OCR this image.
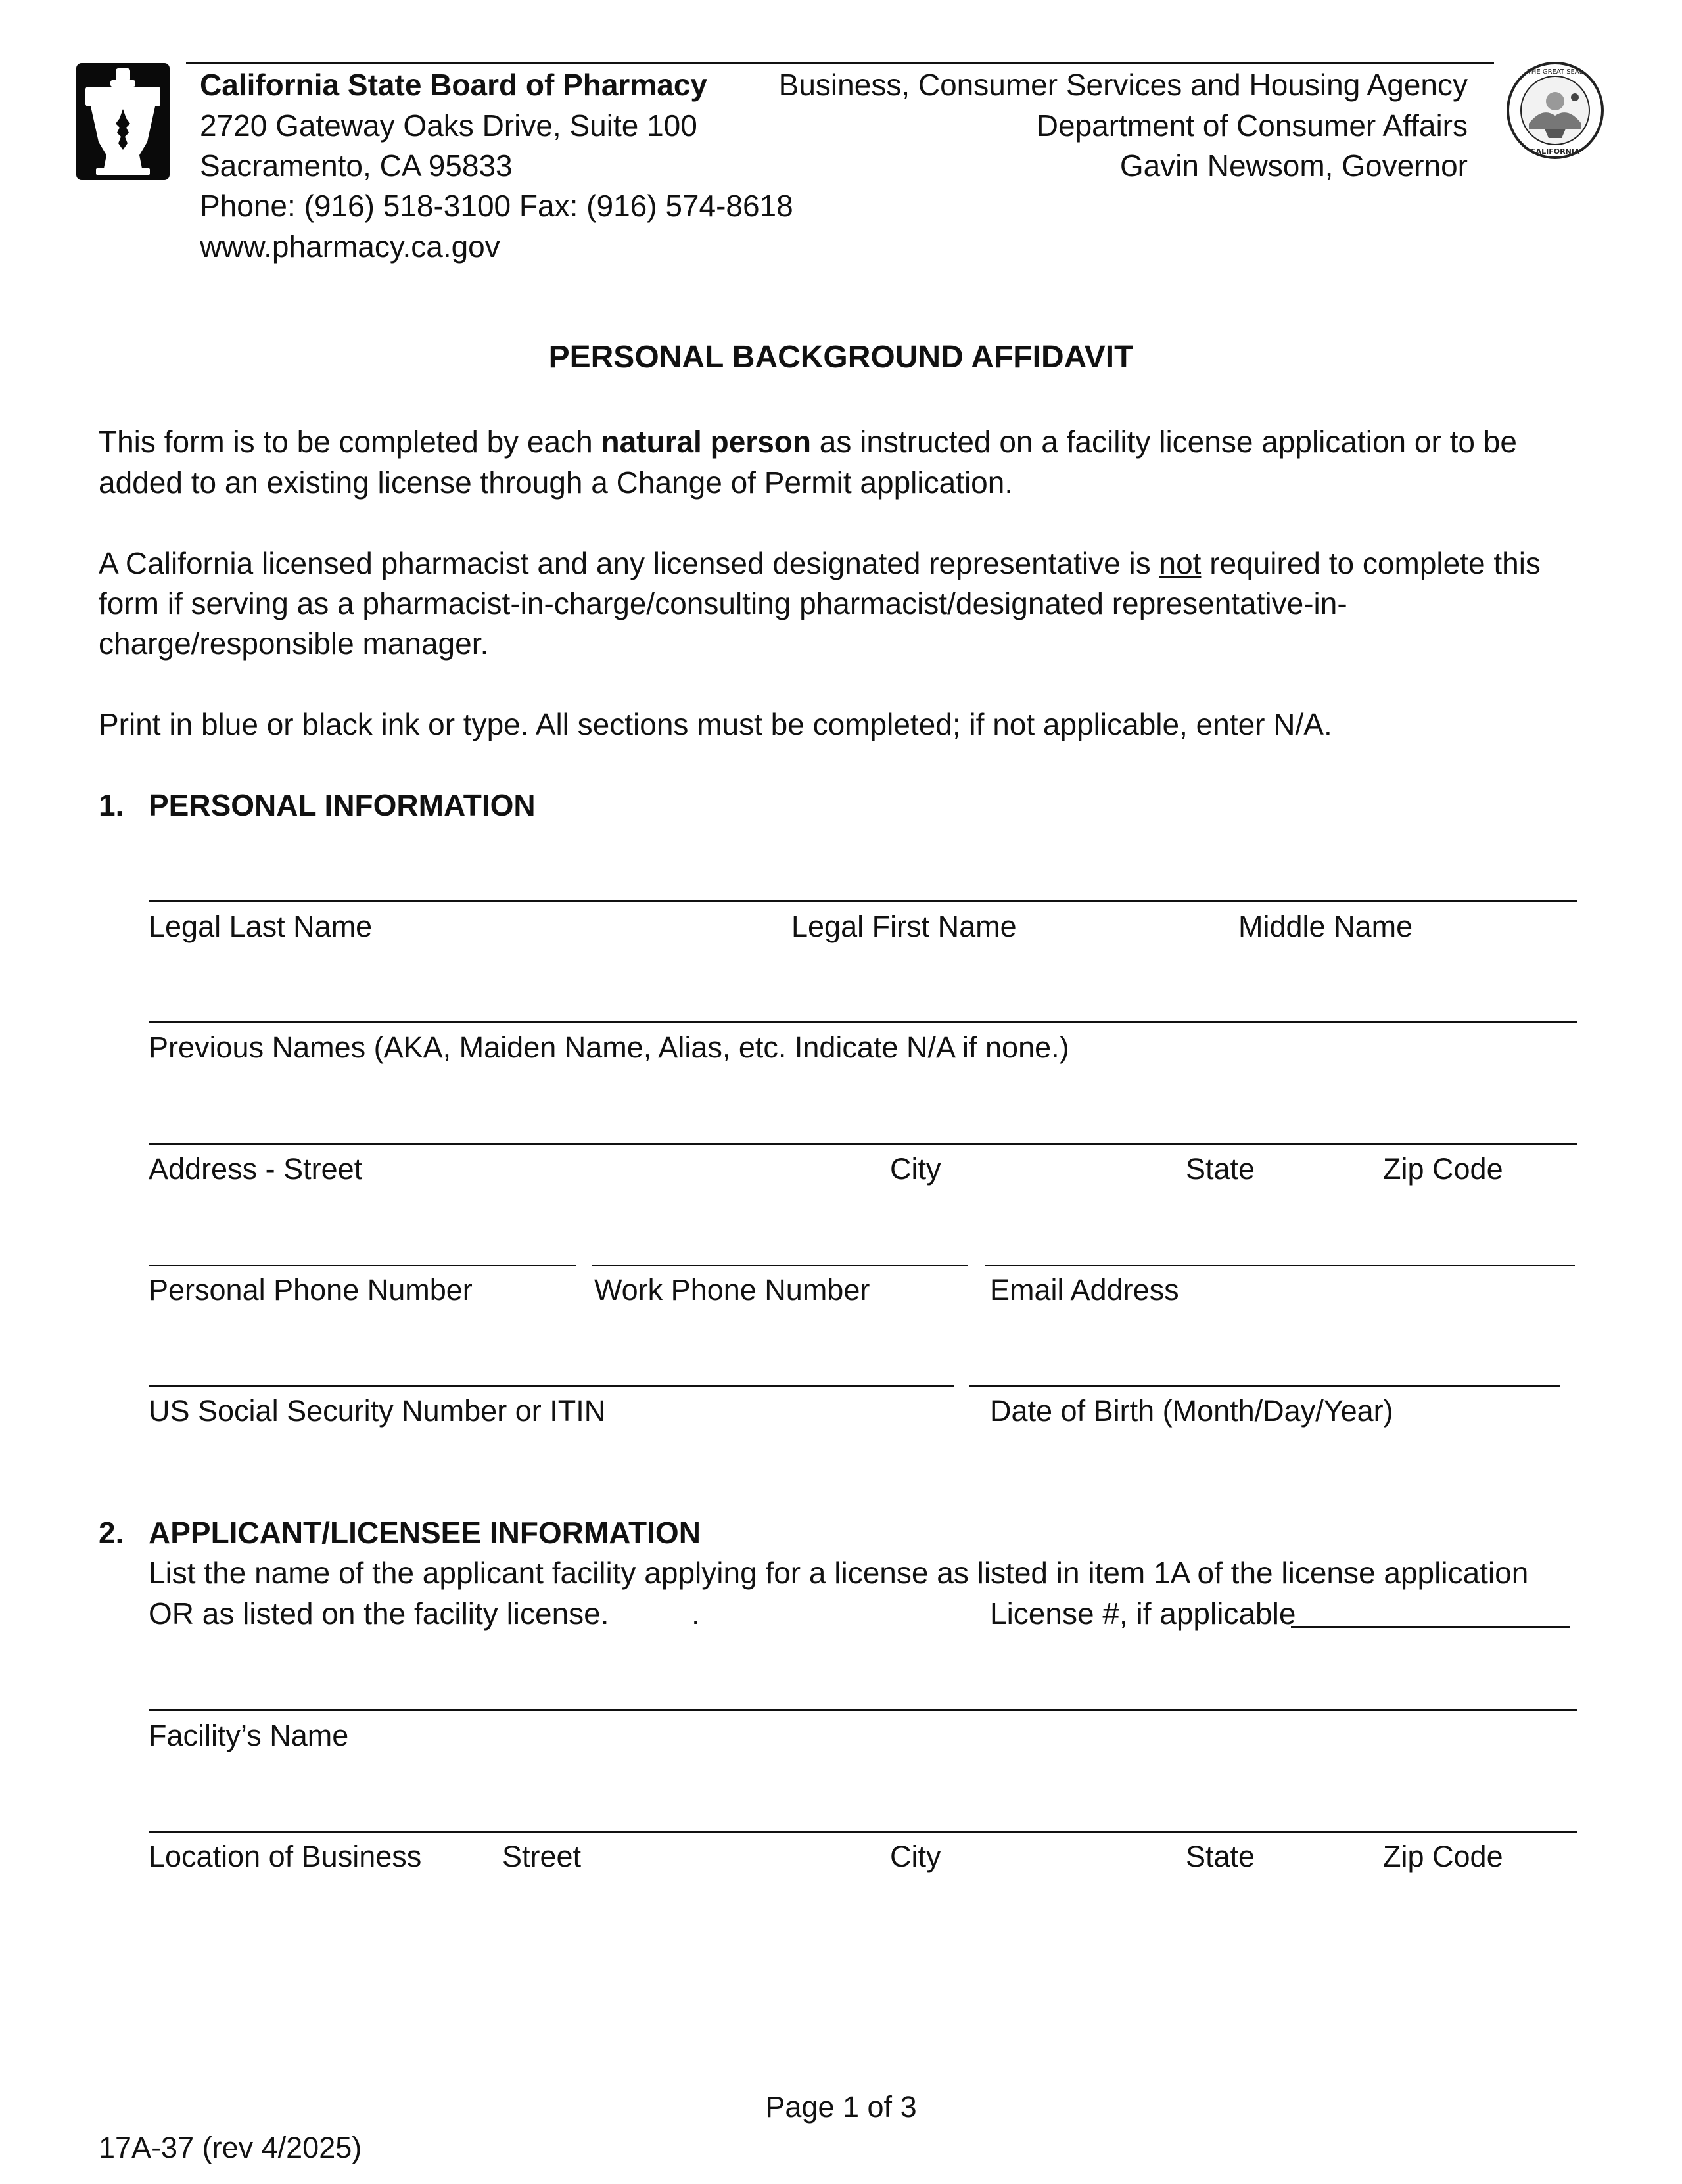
California State Board of Pharmacy
2720 Gateway Oaks Drive, Suite 100
Sacramento, CA 95833
Phone: (916) 518-3100 Fax: (916) 574-8618
www.pharmacy.ca.gov
Business, Consumer Services and Housing Agency
Department of Consumer Affairs
Gavin Newsom, Governor
THE GREAT SEAL
CALIFORNIA
PERSONAL BACKGROUND AFFIDAVIT
This form is to be completed by each natural person as instructed on a facility license application or to be
added to an existing license through a Change of Permit application.
A California licensed pharmacist and any licensed designated representative is not required to complete this
form if serving as a pharmacist-in-charge/consulting pharmacist/designated representative-in-
charge/responsible manager.
Print in blue or black ink or type. All sections must be completed; if not applicable, enter N/A.
1. PERSONAL INFORMATION
Legal Last Name	Legal First Name	Middle Name
Previous Names (AKA, Maiden Name, Alias, etc. Indicate N/A if none.)
Address - Street	City	State	Zip Code
Personal Phone Number	Work Phone Number	Email Address
US Social Security Number or ITIN	Date of Birth (Month/Day/Year)
2. APPLICANT/LICENSEE INFORMATION
List the name of the applicant facility applying for a license as listed in item 1A of the license application
OR as listed on the facility license.	.	License #, if applicable
Facility’s Name
Location of Business	Street	City	State	Zip Code
Page 1 of 3
17A-37 (rev 4/2025)
